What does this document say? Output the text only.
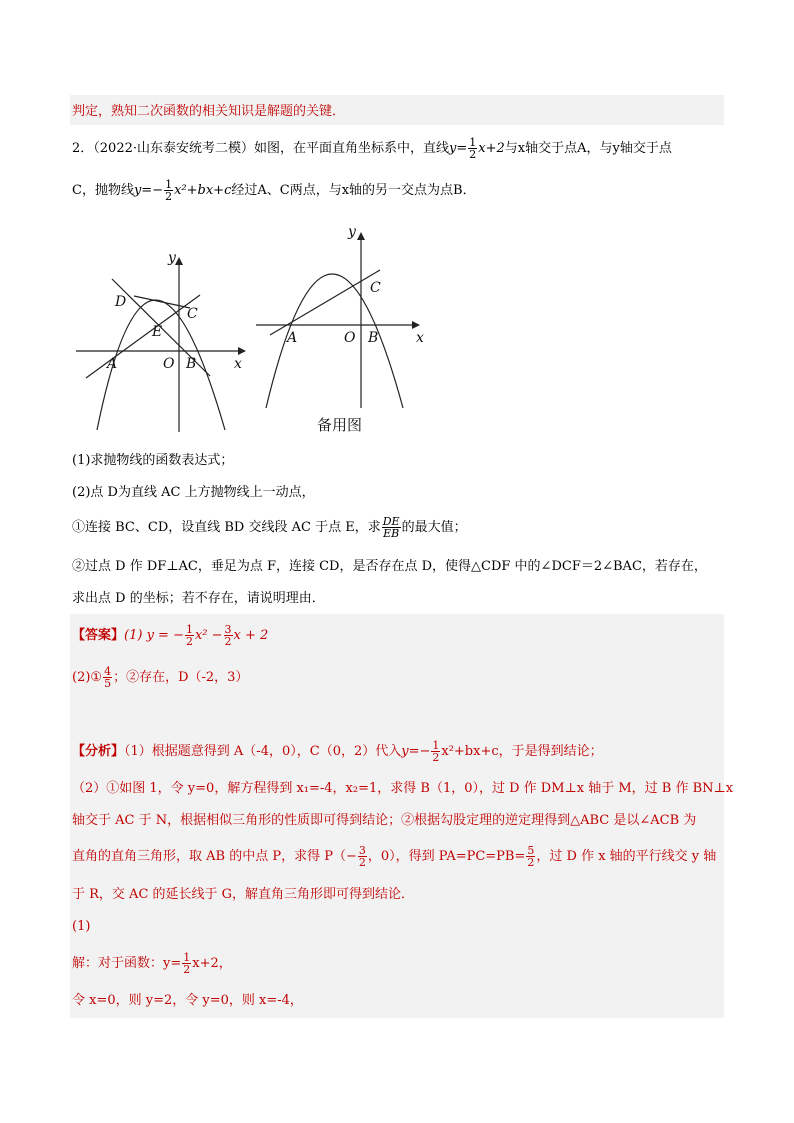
判定，熟知二次函数的相关知识是解题的关键．
2．（2022·山东泰安统考二模）如图，在平面直角坐标系中，直线$y= \frac{1}{2} x+2$与x轴交于点A，与y轴交于点
C，抛物线$y=- \frac{1}{2} x^2+bx+c$经过A、C两点，与x轴的另一交点为点B．
y
x
D
C
E
A	O B
y
x
C
A	O B
备用图
(1)求抛物线的函数表达式；
(2)点 D为直线 AC 上方抛物线上一动点，
①连接 BC、CD，设直线 BD 交线段 AC 于点 E，求 $\frac{DE}{EB}$ 的最大值；
②过点 D 作 DF⊥AC，垂足为点 F，连接 CD，是否存在点 D，使得△CDF 中的∠DCF＝2∠BAC，若存在，
求出点 D 的坐标；若不存在，请说明理由．
【答案】(1) y = − $\frac{1}{2} x^2 - \frac{3}{2}$ x + 2
(2)① $\frac{4}{5}$ ；②存在，D（-2，3）
【分析】（1）根据题意得到 A（-4，0），C（0，2）代入$y=- \frac{1}{2} x^2+bx+c$，于是得到结论；
（2）①如图 1，令 y=0，解方程得到 x₁=-4，x₂=1，求得 B（1，0），过 D 作 DM⊥x 轴于 M，过 B 作 BN⊥x
轴交于 AC 于 N，根据相似三角形的性质即可得到结论；②根据勾股定理的逆定理得到△ABC 是以∠ACB 为
直角的直角三角形，取 AB 的中点 P，求得 $P(- \frac{3}{2}$ ，0），得到 $PA=PC=PB= \frac{5}{2}$ ，过 D 作 x 轴的平行线交 y 轴
于 R，交 AC 的延长线于 G，解直角三角形即可得到结论．
(1)
解：对于函数：$y= \frac{1}{2} x+2$，
令 x=0，则 y=2，令 y=0，则 x=-4，
